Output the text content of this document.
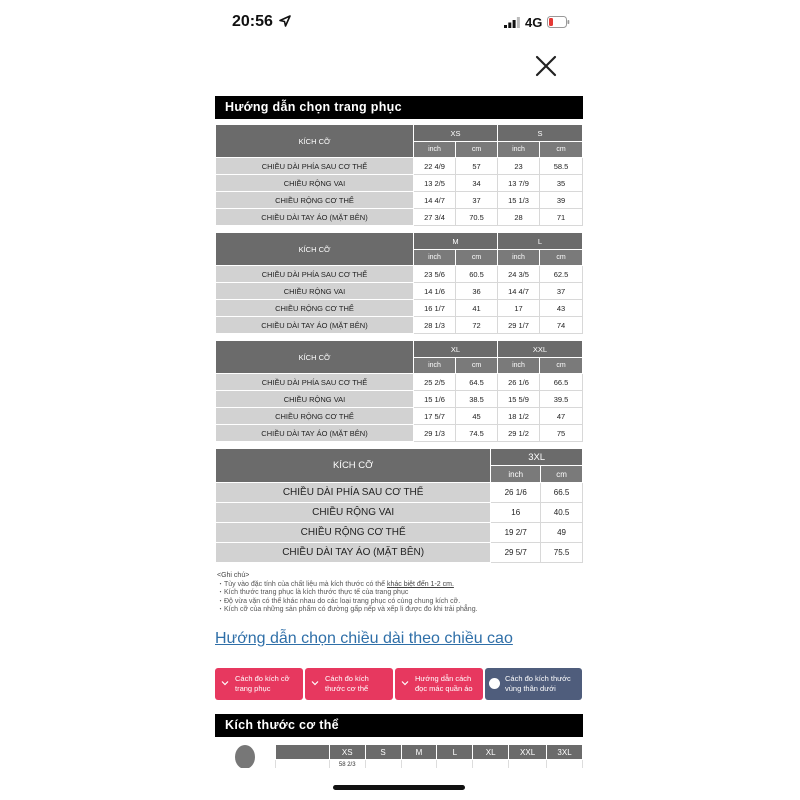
20:56	4G
Hướng dẫn chọn trang phục
KÍCH CỠ	XS		S	
	inch	cm	inch	cm
CHIỀU DÀI PHÍA SAU CƠ THỂ	22 4/9	57	23	58.5
CHIỀU RỘNG VAI	13 2/5	34	13 7/9	35
CHIỀU RỘNG CƠ THỂ	14 4/7	37	15 1/3	39
CHIỀU DÀI TAY ÁO (MẶT BÊN)	27 3/4	70.5	28	71
KÍCH CỠ	M		L	
	inch	cm	inch	cm
CHIỀU DÀI PHÍA SAU CƠ THỂ	23 5/6	60.5	24 3/5	62.5
CHIỀU RỘNG VAI	14 1/6	36	14 4/7	37
CHIỀU RỘNG CƠ THỂ	16 1/7	41	17	43
CHIỀU DÀI TAY ÁO (MẶT BÊN)	28 1/3	72	29 1/7	74
KÍCH CỠ	XL		XXL	
	inch	cm	inch	cm
CHIỀU DÀI PHÍA SAU CƠ THỂ	25 2/5	64.5	26 1/6	66.5
CHIỀU RỘNG VAI	15 1/6	38.5	15 5/9	39.5
CHIỀU RỘNG CƠ THỂ	17 5/7	45	18 1/2	47
CHIỀU DÀI TAY ÁO (MẶT BÊN)	29 1/3	74.5	29 1/2	75
KÍCH CỠ	3XL	
	inch	cm
CHIỀU DÀI PHÍA SAU CƠ THỂ	26 1/6	66.5
CHIỀU RỘNG VAI	16	40.5
CHIỀU RỘNG CƠ THỂ	19 2/7	49
CHIỀU DÀI TAY ÁO (MẶT BÊN)	29 5/7	75.5
<Ghi chú>
・Tùy vào đặc tính của chất liệu mà kích thước có thể khác biệt đến 1-2 cm.
・Kích thước trang phục là kích thước thực tế của trang phục
・Độ vừa vặn có thể khác nhau do các loại trang phục có cùng chung kích cỡ.
・Kích cỡ của những sản phẩm có đường gấp nếp và xếp li được đo khi trải phẳng.
Hướng dẫn chọn chiều dài theo chiều cao
Cách đo kích cỡ
trang phục
Cách đo kích
thước cơ thể
Hướng dẫn cách
đọc mác quần áo
Cách đo kích thước
vùng thân dưới
Kích thước cơ thể
	XS	S	M	L	XL	XXL	3XL
	58 2/3						
